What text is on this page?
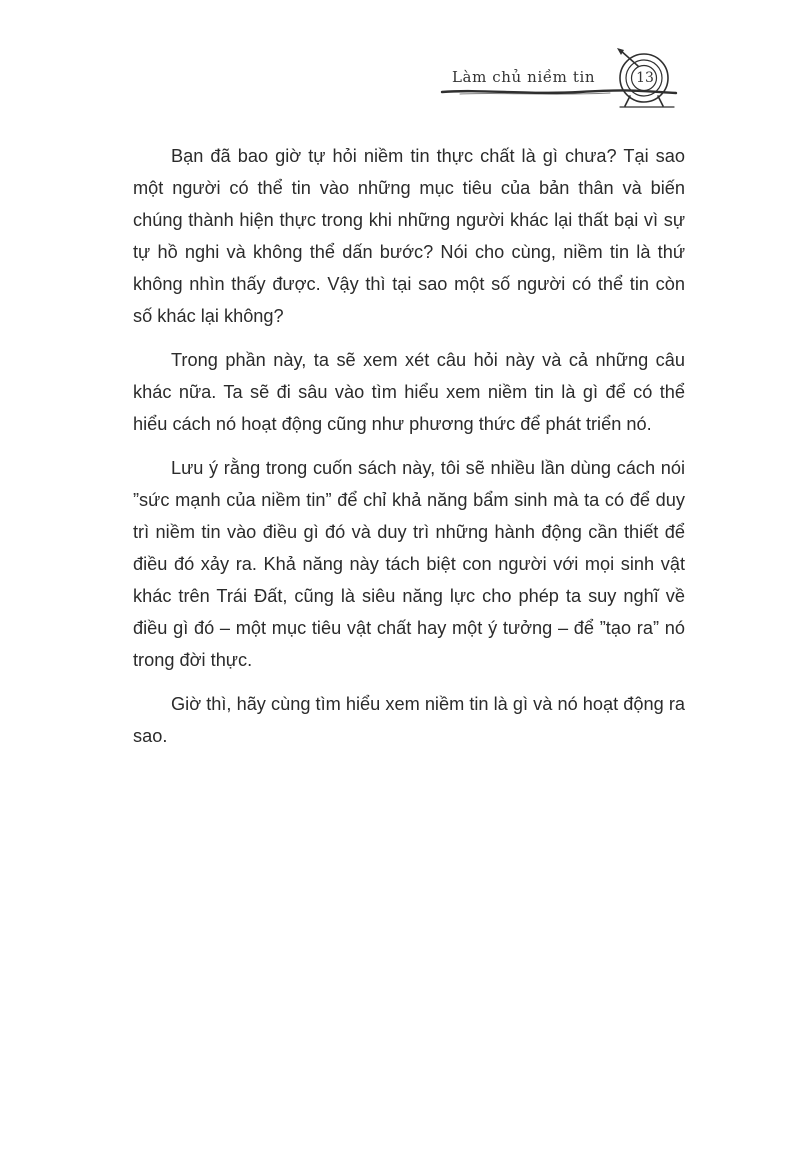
Làm chủ niềm tin	13

Bạn đã bao giờ tự hỏi niềm tin thực chất là gì chưa? Tại sao một người có thể tin vào những mục tiêu của bản thân và biến chúng thành hiện thực trong khi những người khác lại thất bại vì sự tự hồ nghi và không thể dấn bước? Nói cho cùng, niềm tin là thứ không nhìn thấy được. Vậy thì tại sao một số người có thể tin còn số khác lại không?

Trong phần này, ta sẽ xem xét câu hỏi này và cả những câu khác nữa. Ta sẽ đi sâu vào tìm hiểu xem niềm tin là gì để có thể hiểu cách nó hoạt động cũng như phương thức để phát triển nó.

Lưu ý rằng trong cuốn sách này, tôi sẽ nhiều lần dùng cách nói ”sức mạnh của niềm tin” để chỉ khả năng bẩm sinh mà ta có để duy trì niềm tin vào điều gì đó và duy trì những hành động cần thiết để điều đó xảy ra. Khả năng này tách biệt con người với mọi sinh vật khác trên Trái Đất, cũng là siêu năng lực cho phép ta suy nghĩ về điều gì đó – một mục tiêu vật chất hay một ý tưởng – để ”tạo ra” nó trong đời thực.

Giờ thì, hãy cùng tìm hiểu xem niềm tin là gì và nó hoạt động ra sao.
